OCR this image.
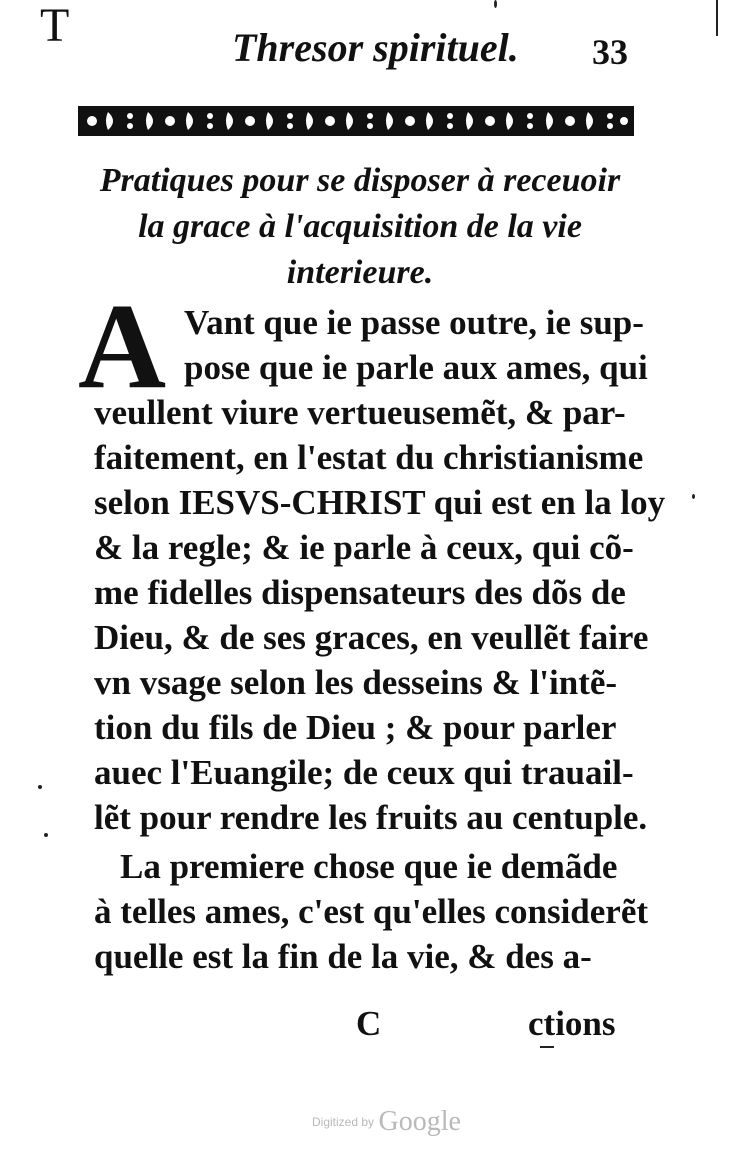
T	Thresor spirituel. 33
Pratiques pour se disposer à receuoir
la grace à l'acquisition de la vie
interieure.
A Vant que ie passe outre, ie sup-
pose que ie parle aux ames, qui
veullent viure vertueusemẽt, & par-
faitement, en l'estat du christianisme
selon IESVS-CHRIST qui est en la loy
& la regle; & ie parle à ceux, qui cõ-
me fidelles dispensateurs des dõs de
Dieu, & de ses graces, en veullẽt faire
vn vsage selon les desseins & l'intẽ-
tion du fils de Dieu ; & pour parler
auec l'Euangile; de ceux qui trauail-
lẽt pour rendre les fruits au centuple.
La premiere chose que ie demãde
à telles ames, c'est qu'elles considerẽt
quelle est la fin de la vie, & des a-
C	ctions
Digitized by Google
